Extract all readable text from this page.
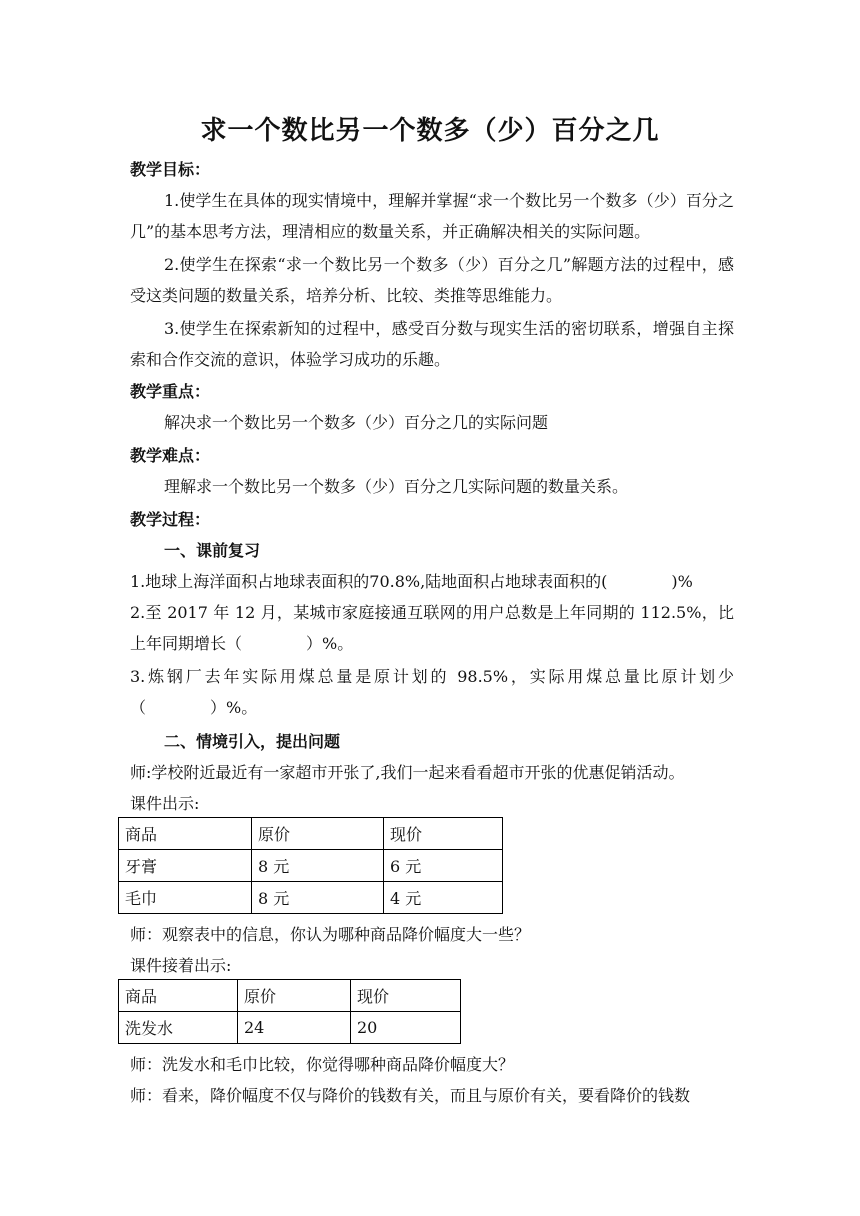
求一个数比另一个数多（少）百分之几
教学目标：
1.使学生在具体的现实情境中，理解并掌握“求一个数比另一个数多（少）百分之几”的基本思考方法，理清相应的数量关系，并正确解决相关的实际问题。
2.使学生在探索“求一个数比另一个数多（少）百分之几”解题方法的过程中，感受这类问题的数量关系，培养分析、比较、类推等思维能力。
3.使学生在探索新知的过程中，感受百分数与现实生活的密切联系，增强自主探索和合作交流的意识，体验学习成功的乐趣。
教学重点：
解决求一个数比另一个数多（少）百分之几的实际问题
教学难点：
理解求一个数比另一个数多（少）百分之几实际问题的数量关系。
教学过程：
一、课前复习
1.地球上海洋面积占地球表面积的70.8%,陆地面积占地球表面积的(　　　　)%
2.至 2017 年 12 月，某城市家庭接通互联网的用户总数是上年同期的 112.5%，比上年同期增长（　　　　）%。
3.炼钢厂去年实际用煤总量是原计划的 98.5%，实际用煤总量比原计划少（　　　　）%。
二、情境引入，提出问题
师:学校附近最近有一家超市开张了,我们一起来看看超市开张的优惠促销活动。
课件出示:
商品	原价	现价
牙膏	8 元	6 元
毛巾	8 元	4 元
师：观察表中的信息，你认为哪种商品降价幅度大一些？
课件接着出示:
商品	原价	现价
洗发水	24	20
师：洗发水和毛巾比较，你觉得哪种商品降价幅度大？
师：看来，降价幅度不仅与降价的钱数有关，而且与原价有关，要看降价的钱数
